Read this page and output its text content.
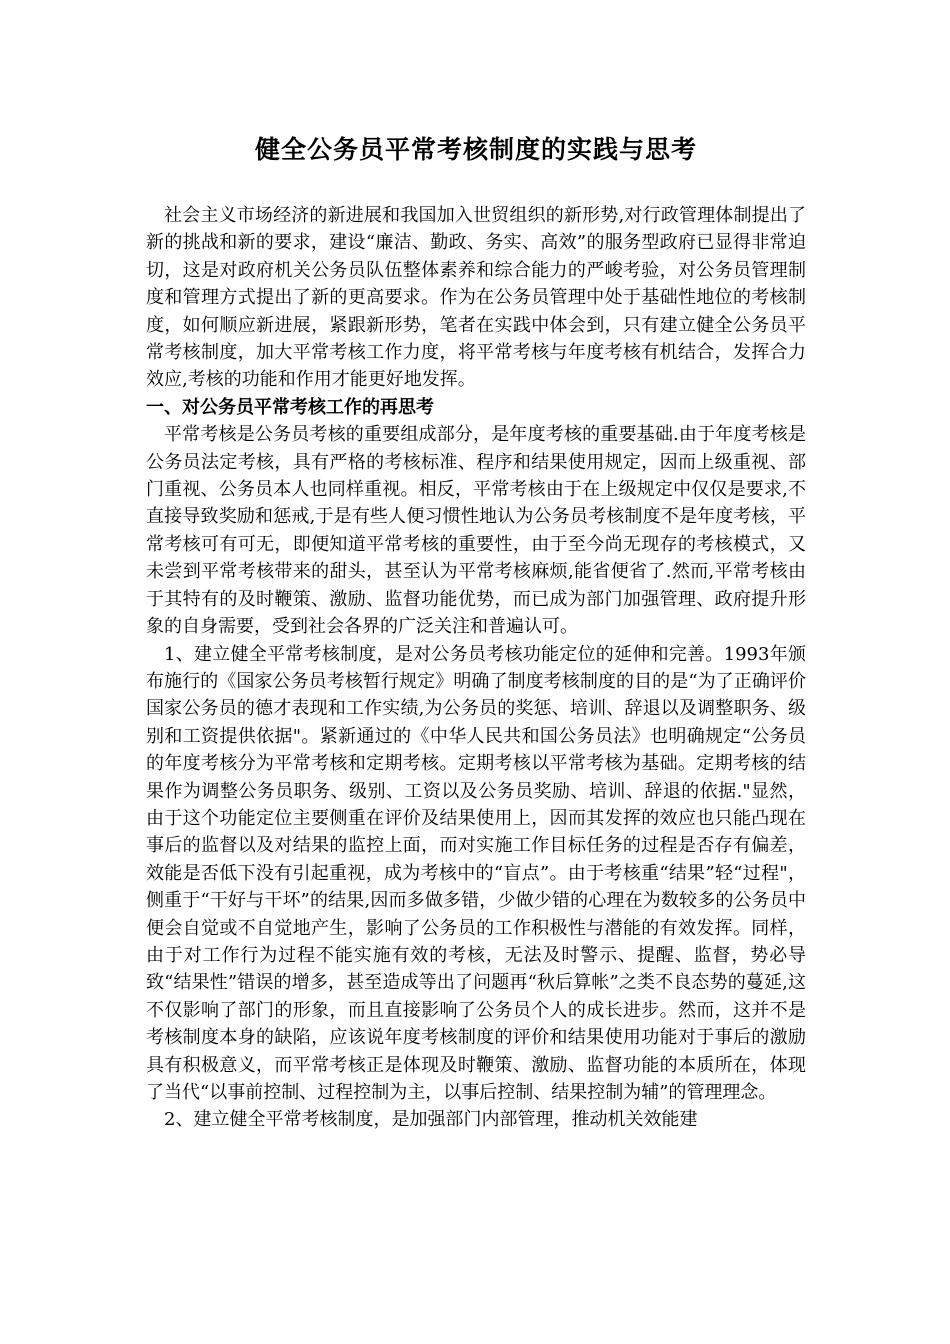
健全公务员平常考核制度的实践与思考

社会主义市场经济的新进展和我国加入世贸组织的新形势,对行政管理体制提出了新的挑战和新的要求，建设“廉洁、勤政、务实、高效”的服务型政府已显得非常迫切，这是对政府机关公务员队伍整体素养和综合能力的严峻考验，对公务员管理制度和管理方式提出了新的更高要求。作为在公务员管理中处于基础性地位的考核制度，如何顺应新进展，紧跟新形势，笔者在实践中体会到，只有建立健全公务员平常考核制度，加大平常考核工作力度，将平常考核与年度考核有机结合，发挥合力效应,考核的功能和作用才能更好地发挥。

一、对公务员平常考核工作的再思考

平常考核是公务员考核的重要组成部分，是年度考核的重要基础.由于年度考核是公务员法定考核，具有严格的考核标准、程序和结果使用规定，因而上级重视、部门重视、公务员本人也同样重视。相反，平常考核由于在上级规定中仅仅是要求,不直接导致奖励和惩戒,于是有些人便习惯性地认为公务员考核制度不是年度考核，平常考核可有可无，即便知道平常考核的重要性，由于至今尚无现存的考核模式，又未尝到平常考核带来的甜头，甚至认为平常考核麻烦,能省便省了.然而,平常考核由于其特有的及时鞭策、激励、监督功能优势，而已成为部门加强管理、政府提升形象的自身需要，受到社会各界的广泛关注和普遍认可。

1、建立健全平常考核制度，是对公务员考核功能定位的延伸和完善。1993年颁布施行的《国家公务员考核暂行规定》明确了制度考核制度的目的是“为了正确评价国家公务员的德才表现和工作实绩,为公务员的奖惩、培训、辞退以及调整职务、级别和工资提供依据"。紧新通过的《中华人民共和国公务员法》也明确规定“公务员的年度考核分为平常考核和定期考核。定期考核以平常考核为基础。定期考核的结果作为调整公务员职务、级别、工资以及公务员奖励、培训、辞退的依据."显然，由于这个功能定位主要侧重在评价及结果使用上，因而其发挥的效应也只能凸现在事后的监督以及对结果的监控上面，而对实施工作目标任务的过程是否存有偏差，效能是否低下没有引起重视，成为考核中的“盲点”。由于考核重“结果”轻“过程"，侧重于“干好与干坏”的结果,因而多做多错，少做少错的心理在为数较多的公务员中便会自觉或不自觉地产生，影响了公务员的工作积极性与潜能的有效发挥。同样，由于对工作行为过程不能实施有效的考核，无法及时警示、提醒、监督，势必导致“结果性”错误的增多，甚至造成等出了问题再“秋后算帐”之类不良态势的蔓延,这不仅影响了部门的形象，而且直接影响了公务员个人的成长进步。然而，这并不是考核制度本身的缺陷，应该说年度考核制度的评价和结果使用功能对于事后的激励具有积极意义，而平常考核正是体现及时鞭策、激励、监督功能的本质所在，体现了当代“以事前控制、过程控制为主，以事后控制、结果控制为辅”的管理理念。

2、建立健全平常考核制度，是加强部门内部管理，推动机关效能建
